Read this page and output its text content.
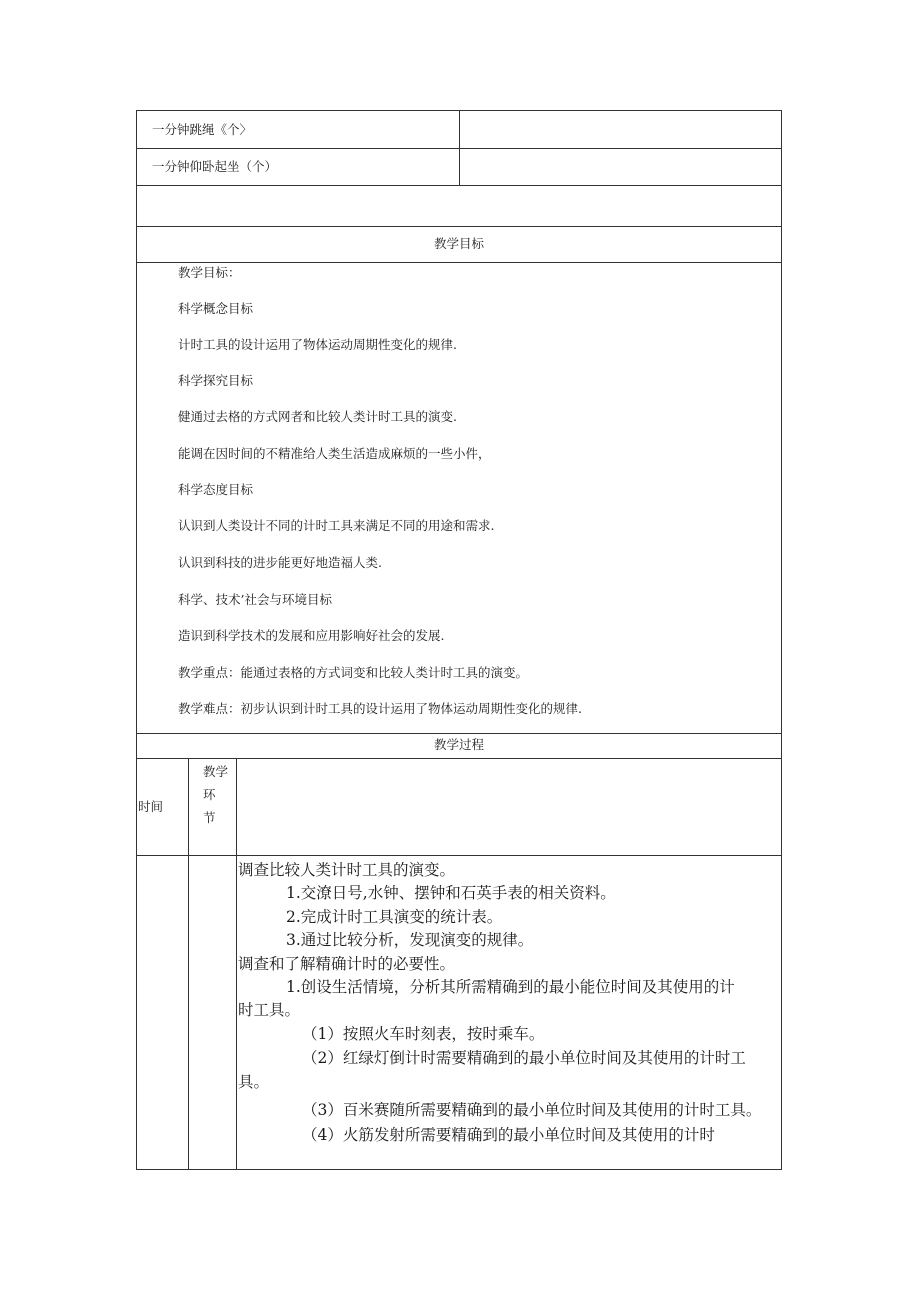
一分钟跳绳《个〉
一分钟仰卧起坐（个）
教学目标
教学目标：
科学概念目标
计时工具的设计运用了物体运动周期性变化的规律.
科学探究目标
健通过去格的方式网者和比较人类计时工具的演变.
能调在因时间的不精准给人类生活造成麻烦的一些小件，
科学态度目标
认识到人类设计不同的计时工具来满足不同的用途和需求.
认识到科技的进步能更好地造福人类.
科学、技术’社会与环境目标
造识到科学技术的发展和应用影响好社会的发展.
教学重点：能通过表格的方式词变和比较人类计时工具的演变。
教学难点：初步认识到计时工具的设计运用了物体运动周期性变化的规律.
教学过程
时间
教学
环
节
调查比较人类计时工具的演变。
1.交潦日号,水钟、摆钟和石英手表的相关资料。
2.完成计时工具演变的统计表。
3.通过比较分析，发现演变的规律。
调查和了解精确计时的必要性。
1.创设生活情境，分析其所需精确到的最小能位时间及其使用的计
时工具。
（1）按照火车时刻表，按时乘车。
（2）红绿灯倒计时需要精确到的最小单位时间及其使用的计时工
具。
（3）百米赛随所需要精确到的最小单位时间及其使用的计时工具。
（4）火筋发射所需要精确到的最小单位时间及其使用的计时
